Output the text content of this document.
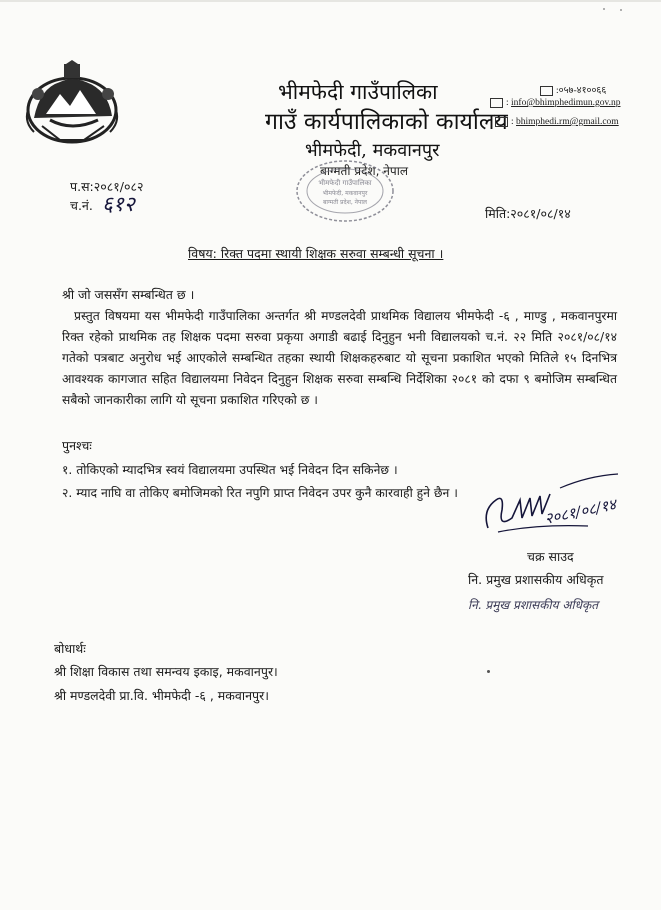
भीमफेदी गाउँपालिका
गाउँ कार्यपालिकाको कार्यालय
भीमफेदी, मकवानपुर
बाग्मती प्रदेश, नेपाल
:०५७-४१००६६
: info@bhimphedimun.gov.np
: bhimphedi.rm@gmail.com
भीमफेदी गाउँपालिका
भीमफेदी, मकवानपुर
बाग्मती प्रदेश, नेपाल
प.स:२०८१/०८२
च.नं. ६१२	मिति:२०८१/०८/१४
विषय: रिक्त पदमा स्थायी शिक्षक सरुवा सम्बन्धी सूचना ।
श्री जो जससँग सम्बन्धित छ ।
प्रस्तुत विषयमा यस भीमफेदी गाउँपालिका अन्तर्गत श्री मण्डलदेवी प्राथमिक विद्यालय भीमफेदी -६ , माण्डु , मकवानपुरमा रिक्त रहेको प्राथमिक तह शिक्षक पदमा सरुवा प्रकृया अगाडी बढाई दिनुहुन भनी विद्यालयको च.नं. २२ मिति २०८१/०८/१४ गतेको पत्रबाट अनुरोध भई आएकोले सम्बन्धित तहका स्थायी शिक्षकहरुबाट यो सूचना प्रकाशित भएको मितिले १५ दिनभित्र आवश्यक कागजात सहित विद्यालयमा निवेदन दिनुहुन शिक्षक सरुवा सम्बन्धि निर्देशिका २०८१ को दफा ९ बमोजिम सम्बन्धित सबैको जानकारीका लागि यो सूचना प्रकाशित गरिएको छ ।
पुनश्चः
१. तोकिएको म्यादभित्र स्वयं विद्यालयमा उपस्थित भई निवेदन दिन सकिनेछ ।
२. म्याद नाघि वा तोकिए बमोजिमको रित नपुगि प्राप्त निवेदन उपर कुनै कारवाही हुने छैन ।
२०८१/०८/१४
चक्र साउद
नि. प्रमुख प्रशासकीय अधिकृत
नि. प्रमुख प्रशासकीय अधिकृत
बोधार्थः
श्री शिक्षा विकास तथा समन्वय इकाइ, मकवानपुर।
श्री मण्डलदेवी प्रा.वि. भीमफेदी -६ , मकवानपुर।
